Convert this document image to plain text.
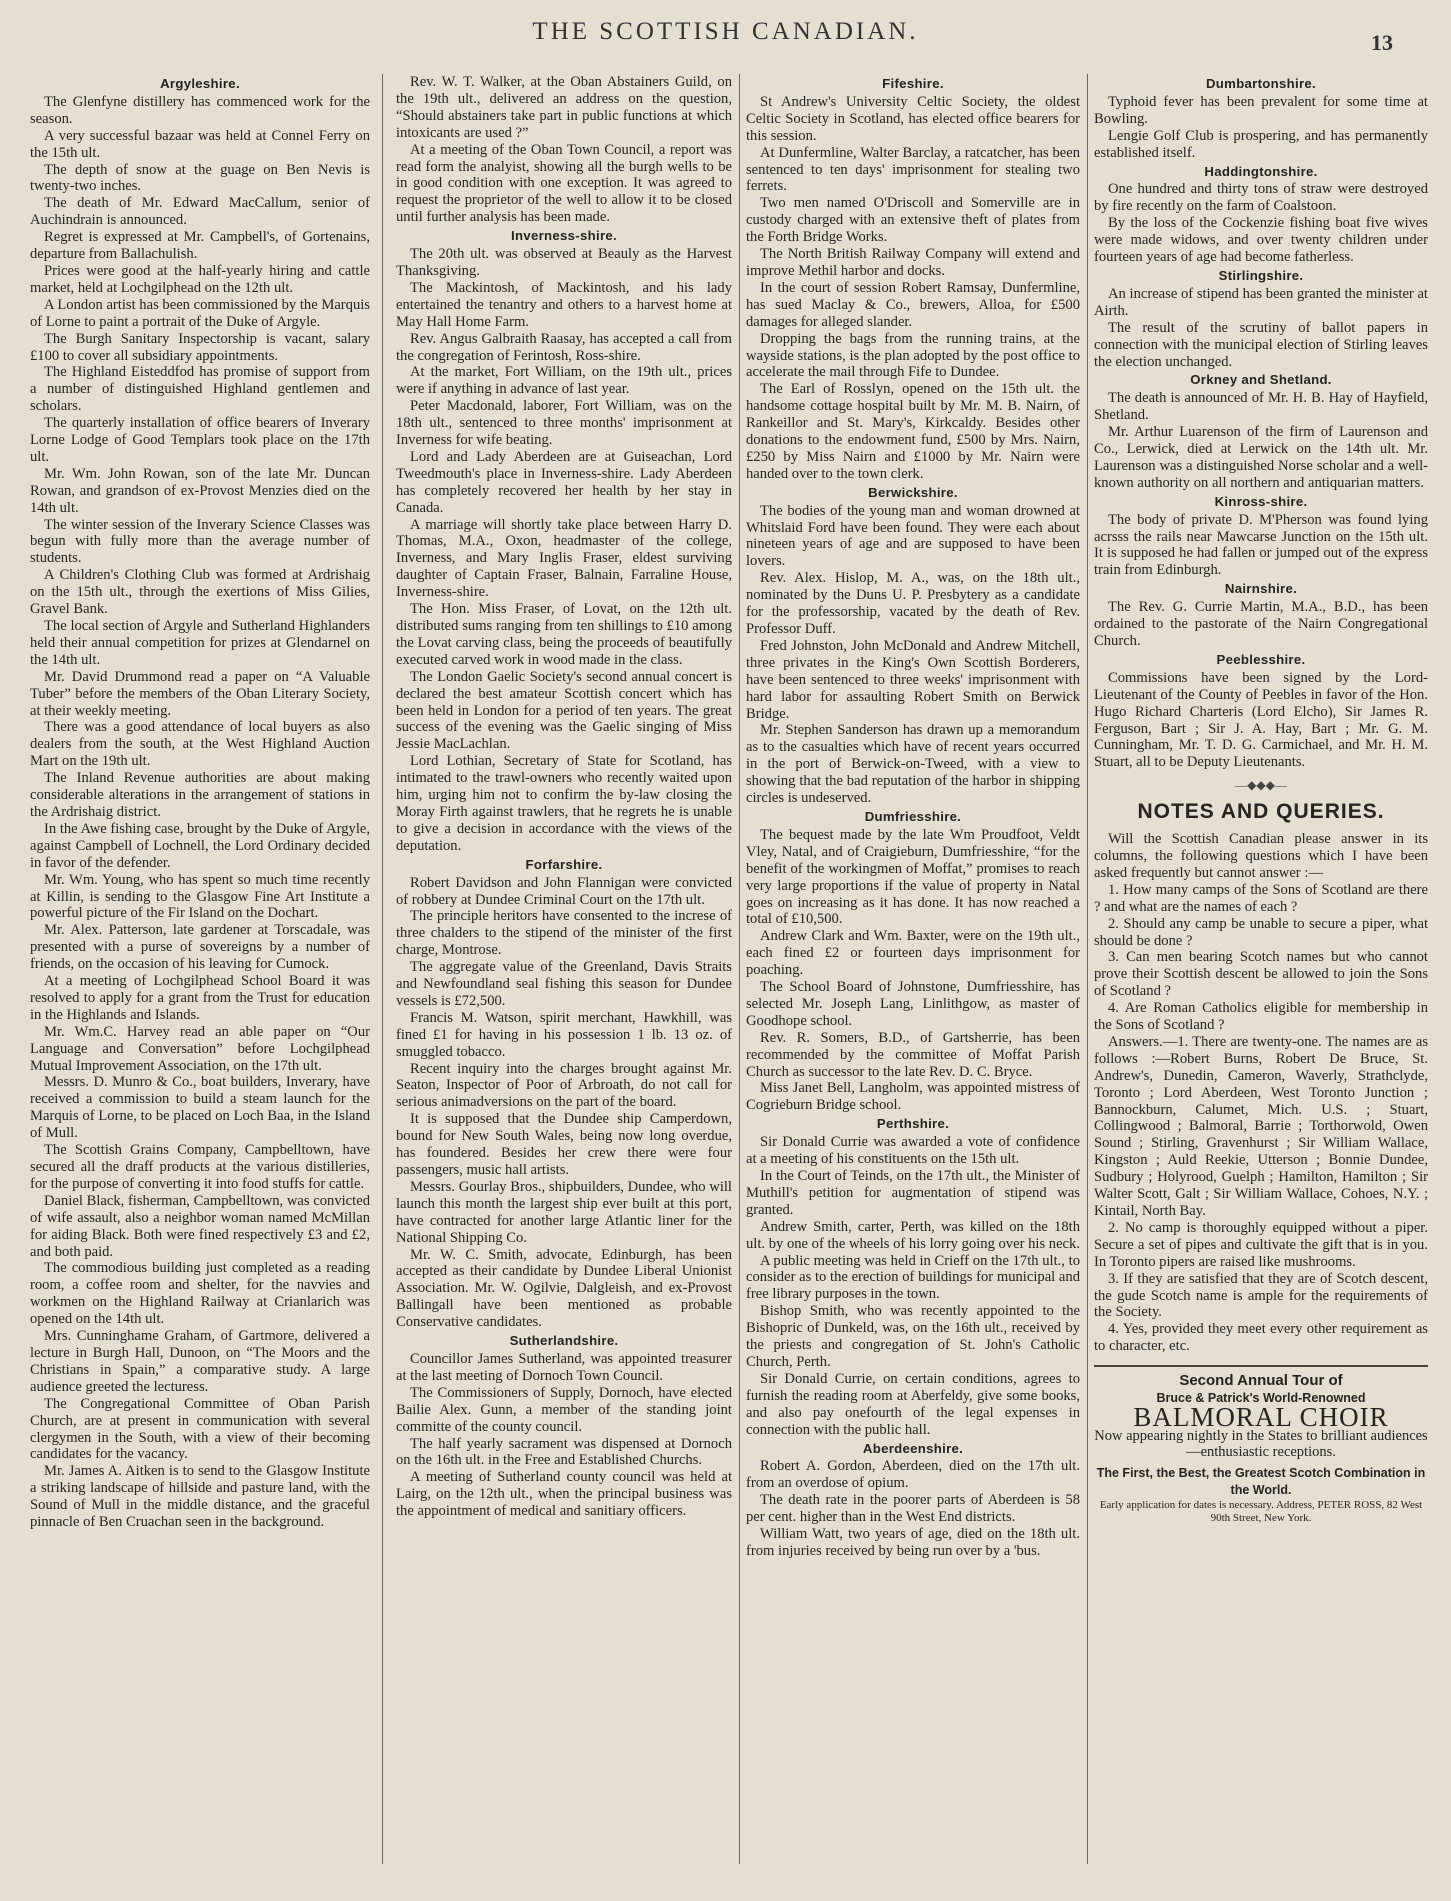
THE SCOTTISH CANADIAN.	13
Argyleshire.

The Glenfyne distillery has commenced work for the season.

A very successful bazaar was held at Connel Ferry on the 15th ult.

The depth of snow at the guage on Ben Nevis is twenty-two inches.

The death of Mr. Edward MacCallum, senior of Auchindrain is announced.

Regret is expressed at Mr. Campbell's, of Gortenains, departure from Ballachulish.

Prices were good at the half-yearly hiring and cattle market, held at Lochgilphead on the 12th ult.

A London artist has been commissioned by the Marquis of Lorne to paint a portrait of the Duke of Argyle.

The Burgh Sanitary Inspectorship is vacant, salary £100 to cover all subsidiary appointments.

The Highland Eisteddfod has promise of support from a number of distinguished Highland gentlemen and scholars.

The quarterly installation of office bearers of Inverary Lorne Lodge of Good Templars took place on the 17th ult.

Mr. Wm. John Rowan, son of the late Mr. Duncan Rowan, and grandson of ex-Provost Menzies died on the 14th ult.

The winter session of the Inverary Science Classes was begun with fully more than the average number of students.

A Children's Clothing Club was formed at Ardrishaig on the 15th ult., through the exertions of Miss Gilies, Gravel Bank.

The local section of Argyle and Sutherland Highlanders held their annual competition for prizes at Glendarnel on the 14th ult.

Mr. David Drummond read a paper on “A Valuable Tuber” before the members of the Oban Literary Society, at their weekly meeting.

There was a good attendance of local buyers as also dealers from the south, at the West Highland Auction Mart on the 19th ult.

The Inland Revenue authorities are about making considerable alterations in the arrangement of stations in the Ardrishaig district.

In the Awe fishing case, brought by the Duke of Argyle, against Campbell of Lochnell, the Lord Ordinary decided in favor of the defender.

Mr. Wm. Young, who has spent so much time recently at Killin, is sending to the Glasgow Fine Art Institute a powerful picture of the Fir Island on the Dochart.

Mr. Alex. Patterson, late gardener at Torscadale, was presented with a purse of sovereigns by a number of friends, on the occasion of his leaving for Cumock.

At a meeting of Lochgilphead School Board it was resolved to apply for a grant from the Trust for education in the Highlands and Islands.

Mr. Wm.C. Harvey read an able paper on “Our Language and Conversation” before Lochgilphead Mutual Improvement Association, on the 17th ult.

Messrs. D. Munro & Co., boat builders, Inverary, have received a commission to build a steam launch for the Marquis of Lorne, to be placed on Loch Baa, in the Island of Mull.

The Scottish Grains Company, Campbelltown, have secured all the draff products at the various distilleries, for the purpose of converting it into food stuffs for cattle.

Daniel Black, fisherman, Campbelltown, was convicted of wife assault, also a neighbor woman named McMillan for aiding Black. Both were fined respectively £3 and £2, and both paid.

The commodious building just completed as a reading room, a coffee room and shelter, for the navvies and workmen on the Highland Railway at Crianlarich was opened on the 14th ult.

Mrs. Cunninghame Graham, of Gartmore, delivered a lecture in Burgh Hall, Dunoon, on “The Moors and the Christians in Spain,” a comparative study. A large audience greeted the lecturess.

The Congregational Committee of Oban Parish Church, are at present in communication with several clergymen in the South, with a view of their becoming candidates for the vacancy.

Mr. James A. Aitken is to send to the Glasgow Institute a striking landscape of hillside and pasture land, with the Sound of Mull in the middle distance, and the graceful pinnacle of Ben Cruachan seen in the background.

Rev. W. T. Walker, at the Oban Abstainers Guild, on the 19th ult., delivered an address on the question, “Should abstainers take part in public functions at which intoxicants are used ?”

At a meeting of the Oban Town Council, a report was read form the analyist, showing all the burgh wells to be in good condition with one exception. It was agreed to request the proprietor of the well to allow it to be closed until further analysis has been made.

Inverness-shire.

The 20th ult. was observed at Beauly as the Harvest Thanksgiving.

The Mackintosh, of Mackintosh, and his lady entertained the tenantry and others to a harvest home at May Hall Home Farm.

Rev. Angus Galbraith Raasay, has accepted a call from the congregation of Ferintosh, Ross-shire.

At the market, Fort William, on the 19th ult., prices were if anything in advance of last year.

Peter Macdonald, laborer, Fort William, was on the 18th ult., sentenced to three months' imprisonment at Inverness for wife beating.

Lord and Lady Aberdeen are at Guiseachan, Lord Tweedmouth's place in Inverness-shire. Lady Aberdeen has completely recovered her health by her stay in Canada.

A marriage will shortly take place between Harry D. Thomas, M.A., Oxon, headmaster of the college, Inverness, and Mary Inglis Fraser, eldest surviving daughter of Captain Fraser, Balnain, Farraline House, Inverness-shire.

The Hon. Miss Fraser, of Lovat, on the 12th ult. distributed sums ranging from ten shillings to £10 among the Lovat carving class, being the proceeds of beautifully executed carved work in wood made in the class.

The London Gaelic Society's second annual concert is declared the best amateur Scottish concert which has been held in London for a period of ten years. The great success of the evening was the Gaelic singing of Miss Jessie MacLachlan.

Lord Lothian, Secretary of State for Scotland, has intimated to the trawl-owners who recently waited upon him, urging him not to confirm the by-law closing the Moray Firth against trawlers, that he regrets he is unable to give a decision in accordance with the views of the deputation.

Forfarshire.

Robert Davidson and John Flannigan were convicted of robbery at Dundee Criminal Court on the 17th ult.

The principle heritors have consented to the increse of three chalders to the stipend of the minister of the first charge, Montrose.

The aggregate value of the Greenland, Davis Straits and Newfoundland seal fishing this season for Dundee vessels is £72,500.

Francis M. Watson, spirit merchant, Hawkhill, was fined £1 for having in his possession 1 lb. 13 oz. of smuggled tobacco.

Recent inquiry into the charges brought against Mr. Seaton, Inspector of Poor of Arbroath, do not call for serious animadversions on the part of the board.

It is supposed that the Dundee ship Camperdown, bound for New South Wales, being now long overdue, has foundered. Besides her crew there were four passengers, music hall artists.

Messrs. Gourlay Bros., shipbuilders, Dundee, who will launch this month the largest ship ever built at this port, have contracted for another large Atlantic liner for the National Shipping Co.

Mr. W. C. Smith, advocate, Edinburgh, has been accepted as their candidate by Dundee Liberal Unionist Association. Mr. W. Ogilvie, Dalgleish, and ex-Provost Ballingall have been mentioned as probable Conservative candidates.

Sutherlandshire.

Councillor James Sutherland, was appointed treasurer at the last meeting of Dornoch Town Council.

The Commissioners of Supply, Dornoch, have elected Bailie Alex. Gunn, a member of the standing joint committe of the county council.

The half yearly sacrament was dispensed at Dornoch on the 16th ult. in the Free and Established Churchs.

A meeting of Sutherland county council was held at Lairg, on the 12th ult., when the principal business was the appointment of medical and sanitiary officers.

Fifeshire.

St Andrew's University Celtic Society, the oldest Celtic Society in Scotland, has elected office bearers for this session.

At Dunfermline, Walter Barclay, a ratcatcher, has been sentenced to ten days' imprisonment for stealing two ferrets.

Two men named O'Driscoll and Somerville are in custody charged with an extensive theft of plates from the Forth Bridge Works.

The North British Railway Company will extend and improve Methil harbor and docks.

In the court of session Robert Ramsay, Dunfermline, has sued Maclay & Co., brewers, Alloa, for £500 damages for alleged slander.

Dropping the bags from the running trains, at the wayside stations, is the plan adopted by the post office to accelerate the mail through Fife to Dundee.

The Earl of Rosslyn, opened on the 15th ult. the handsome cottage hospital built by Mr. M. B. Nairn, of Rankeillor and St. Mary's, Kirkcaldy. Besides other donations to the endowment fund, £500 by Mrs. Nairn, £250 by Miss Nairn and £1000 by Mr. Nairn were handed over to the town clerk.

Berwickshire.

The bodies of the young man and woman drowned at Whitslaid Ford have been found. They were each about nineteen years of age and are supposed to have been lovers.

Rev. Alex. Hislop, M. A., was, on the 18th ult., nominated by the Duns U. P. Presbytery as a candidate for the professorship, vacated by the death of Rev. Professor Duff.

Fred Johnston, John McDonald and Andrew Mitchell, three privates in the King's Own Scottish Borderers, have been sentenced to three weeks' imprisonment with hard labor for assaulting Robert Smith on Berwick Bridge.

Mr. Stephen Sanderson has drawn up a memorandum as to the casualties which have of recent years occurred in the port of Berwick-on-Tweed, with a view to showing that the bad reputation of the harbor in shipping circles is undeserved.

Dumfriesshire.

The bequest made by the late Wm Proudfoot, Veldt Vley, Natal, and of Craigieburn, Dumfriesshire, “for the benefit of the workingmen of Moffat,” promises to reach very large proportions if the value of property in Natal goes on increasing as it has done. It has now reached a total of £10,500.

Andrew Clark and Wm. Baxter, were on the 19th ult., each fined £2 or fourteen days imprisonment for poaching.

The School Board of Johnstone, Dumfriesshire, has selected Mr. Joseph Lang, Linlithgow, as master of Goodhope school.

Rev. R. Somers, B.D., of Gartsherrie, has been recommended by the committee of Moffat Parish Church as successor to the late Rev. D. C. Bryce.

Miss Janet Bell, Langholm, was appointed mistress of Cogrieburn Bridge school.

Perthshire.

Sir Donald Currie was awarded a vote of confidence at a meeting of his constituents on the 15th ult.

In the Court of Teinds, on the 17th ult., the Minister of Muthill's petition for augmentation of stipend was granted.

Andrew Smith, carter, Perth, was killed on the 18th ult. by one of the wheels of his lorry going over his neck.

A public meeting was held in Crieff on the 17th ult., to consider as to the erection of buildings for municipal and free library purposes in the town.

Bishop Smith, who was recently appointed to the Bishopric of Dunkeld, was, on the 16th ult., received by the priests and congregation of St. John's Catholic Church, Perth.

Sir Donald Currie, on certain conditions, agrees to furnish the reading room at Aberfeldy, give some books, and also pay onefourth of the legal expenses in connection with the public hall.

Aberdeenshire.

Robert A. Gordon, Aberdeen, died on the 17th ult. from an overdose of opium.

The death rate in the poorer parts of Aberdeen is 58 per cent. higher than in the West End districts.

William Watt, two years of age, died on the 18th ult. from injuries received by being run over by a 'bus.

Dumbartonshire.

Typhoid fever has been prevalent for some time at Bowling.

Lengie Golf Club is prospering, and has permanently established itself.

Haddingtonshire.

One hundred and thirty tons of straw were destroyed by fire recently on the farm of Coalstoon.

By the loss of the Cockenzie fishing boat five wives were made widows, and over twenty children under fourteen years of age had become fatherless.

Stirlingshire.

An increase of stipend has been granted the minister at Airth.

The result of the scrutiny of ballot papers in connection with the municipal election of Stirling leaves the election unchanged.

Orkney and Shetland.

The death is announced of Mr. H. B. Hay of Hayfield, Shetland.

Mr. Arthur Luarenson of the firm of Laurenson and Co., Lerwick, died at Lerwick on the 14th ult. Mr. Laurenson was a distinguished Norse scholar and a well-known authority on all northern and antiquarian matters.

Kinross-shire.

The body of private D. M'Pherson was found lying acrsss the rails near Mawcarse Junction on the 15th ult. It is supposed he had fallen or jumped out of the express train from Edinburgh.

Nairnshire.

The Rev. G. Currie Martin, M.A., B.D., has been ordained to the pastorate of the Nairn Congregational Church.

Peeblesshire.

Commissions have been signed by the Lord-Lieutenant of the County of Peebles in favor of the Hon. Hugo Richard Charteris (Lord Elcho), Sir James R. Ferguson, Bart ; Sir J. A. Hay, Bart ; Mr. G. M. Cunningham, Mr. T. D. G. Carmichael, and Mr. H. M. Stuart, all to be Deputy Lieutenants.

—◆◆◆—
NOTES AND QUERIES.

Will the Scottish Canadian please answer in its columns, the following questions which I have been asked frequently but cannot answer :—

1. How many camps of the Sons of Scotland are there ? and what are the names of each ?

2. Should any camp be unable to secure a piper, what should be done ?

3. Can men bearing Scotch names but who cannot prove their Scottish descent be allowed to join the Sons of Scotland ?

4. Are Roman Catholics eligible for membership in the Sons of Scotland ?

Answers.—1. There are twenty-one. The names are as follows :—Robert Burns, Robert De Bruce, St. Andrew's, Dunedin, Cameron, Waverly, Strathclyde, Toronto ; Lord Aberdeen, West Toronto Junction ; Bannockburn, Calumet, Mich. U.S. ; Stuart, Collingwood ; Balmoral, Barrie ; Torthorwold, Owen Sound ; Stirling, Gravenhurst ; Sir William Wallace, Kingston ; Auld Reekie, Utterson ; Bonnie Dundee, Sudbury ; Holyrood, Guelph ; Hamilton, Hamilton ; Sir Walter Scott, Galt ; Sir William Wallace, Cohoes, N.Y. ; Kintail, North Bay.

2. No camp is thoroughly equipped without a piper. Secure a set of pipes and cultivate the gift that is in you. In Toronto pipers are raised like mushrooms.

3. If they are satisfied that they are of Scotch descent, the gude Scotch name is ample for the requirements of the Society.

4. Yes, provided they meet every other requirement as to character, etc.

Second Annual Tour of
Bruce & Patrick's World-Renowned
BALMORAL CHOIR
Now appearing nightly in the States to brilliant audiences—enthusiastic receptions.
The First, the Best, the Greatest Scotch Combination in the World.
Early application for dates is necessary. Address, PETER ROSS, 82 West 90th Street, New York.
